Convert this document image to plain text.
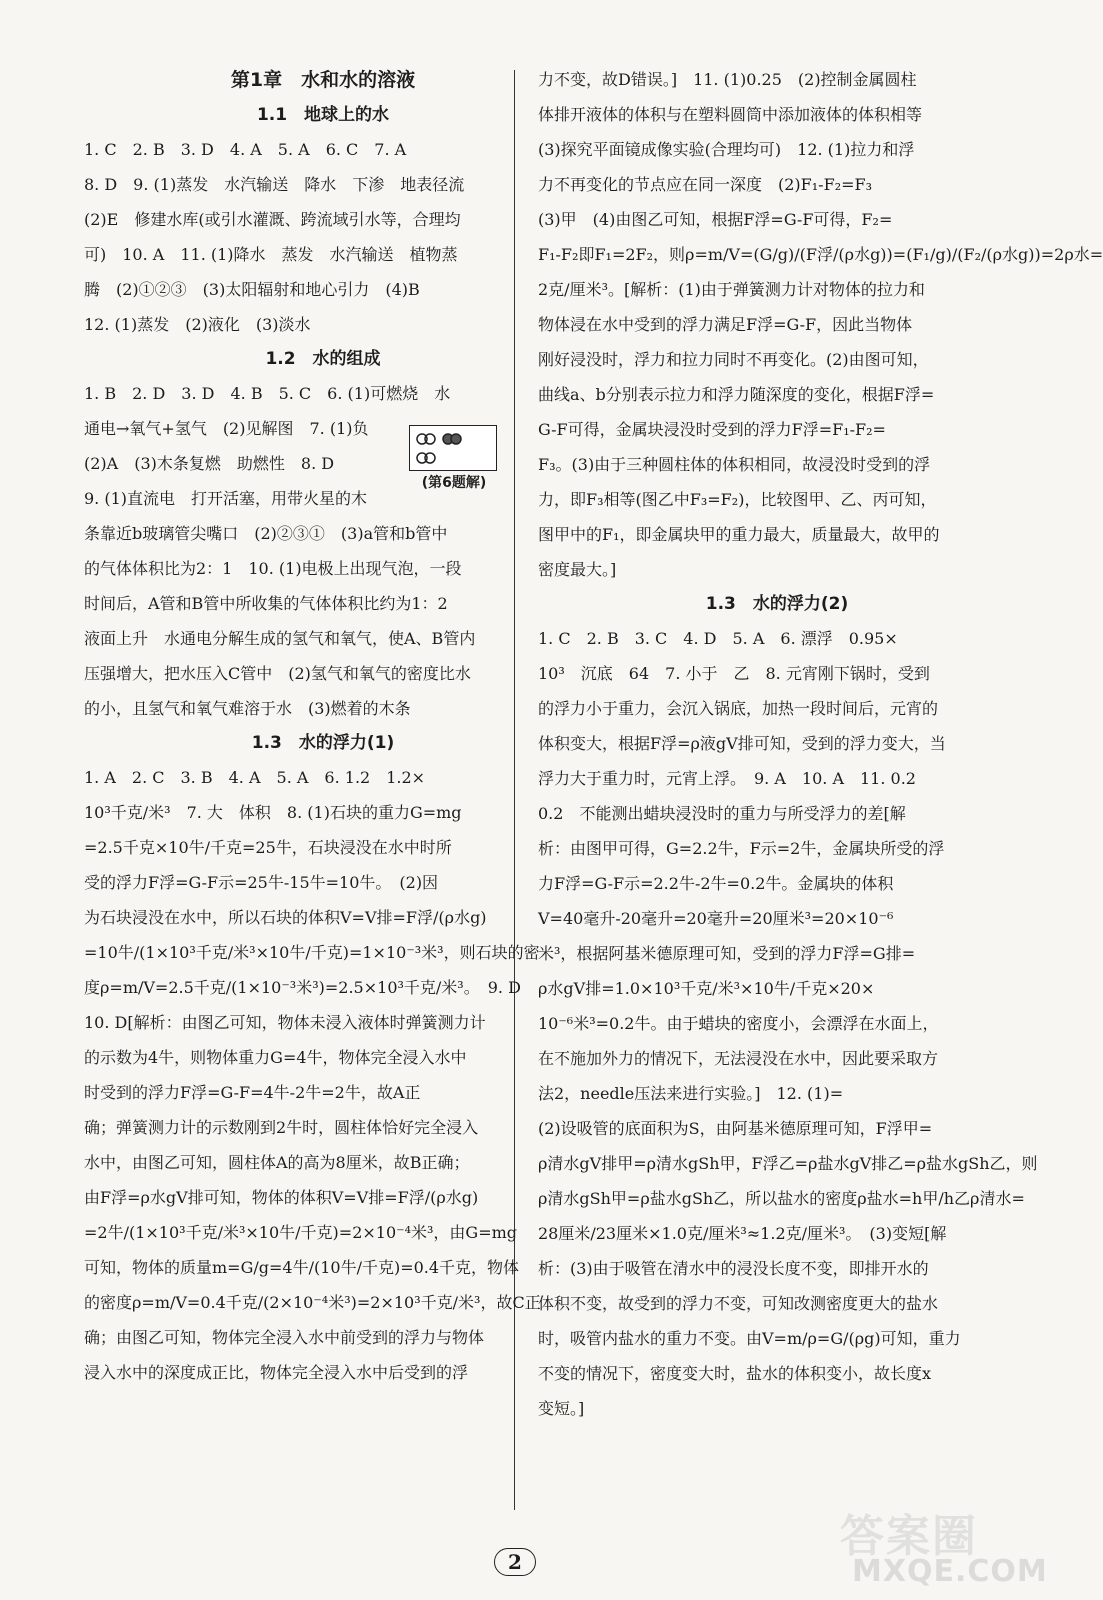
第1章　水和水的溶液
1.1　地球上的水
1. C　2. B　3. D　4. A　5. A　6. C　7. A
8. D　9. (1)蒸发　水汽输送　降水　下渗　地表径流
(2)E　修建水库(或引水灌溉、跨流域引水等，合理均
可)　10. A　11. (1)降水　蒸发　水汽输送　植物蒸
腾　(2)①②③　(3)太阳辐射和地心引力　(4)B
12. (1)蒸发　(2)液化　(3)淡水
1.2　水的组成
1. B　2. D　3. D　4. B　5. C　6. (1)可燃烧　水
通电→氧气+氢气　(2)见解图　7. (1)负
(2)A　(3)木条复燃　助燃性　8. D
9. (1)直流电　打开活塞，用带火星的木
条靠近b玻璃管尖嘴口　(2)②③①　(3)a管和b管中
的气体体积比为2：1　10. (1)电极上出现气泡，一段
时间后，A管和B管中所收集的气体体积比约为1：2
液面上升　水通电分解生成的氢气和氧气，使A、B管内
压强增大，把水压入C管中　(2)氢气和氧气的密度比水
的小，且氢气和氧气难溶于水　(3)燃着的木条
1.3　水的浮力(1)
1. A　2. C　3. B　4. A　5. A　6. 1.2　1.2×
10³千克/米³　7. 大　体积　8. (1)石块的重力G=mg
=2.5千克×10牛/千克=25牛，石块浸没在水中时所
受的浮力F浮=G-F示=25牛-15牛=10牛。　(2)因
为石块浸没在水中，所以石块的体积V=V排=F浮/(ρ水g)
=10牛/(1×10³千克/米³×10牛/千克)=1×10⁻³米³，则石块的密
度ρ=m/V=2.5千克/(1×10⁻³米³)=2.5×10³千克/米³。　9. D
10. D[解析：由图乙可知，物体未浸入液体时弹簧测力计
的示数为4牛，则物体重力G=4牛，物体完全浸入水中
时受到的浮力F浮=G-F=4牛-2牛=2牛，故A正
确；弹簧测力计的示数刚到2牛时，圆柱体恰好完全浸入
水中，由图乙可知，圆柱体A的高为8厘米，故B正确；
由F浮=ρ水gV排可知，物体的体积V=V排=F浮/(ρ水g)
=2牛/(1×10³千克/米³×10牛/千克)=2×10⁻⁴米³，由G=mg
可知，物体的质量m=G/g=4牛/(10牛/千克)=0.4千克，物体
的密度ρ=m/V=0.4千克/(2×10⁻⁴米³)=2×10³千克/米³，故C正
确；由图乙可知，物体完全浸入水中前受到的浮力与物体
浸入水中的深度成正比，物体完全浸入水中后受到的浮
(第6题解)
力不变，故D错误。]　11. (1)0.25　(2)控制金属圆柱
体排开液体的体积与在塑料圆筒中添加液体的体积相等
(3)探究平面镜成像实验(合理均可)　12. (1)拉力和浮
力不再变化的节点应在同一深度　(2)F₁-F₂=F₃
(3)甲　(4)由图乙可知，根据F浮=G-F可得，F₂=
F₁-F₂即F₁=2F₂，则ρ=m/V=(G/g)/(F浮/(ρ水g))=(F₁/g)/(F₂/(ρ水g))=2ρ水=
2克/厘米³。[解析：(1)由于弹簧测力计对物体的拉力和
物体浸在水中受到的浮力满足F浮=G-F，因此当物体
刚好浸没时，浮力和拉力同时不再变化。(2)由图可知，
曲线a、b分别表示拉力和浮力随深度的变化，根据F浮=
G-F可得，金属块浸没时受到的浮力F浮=F₁-F₂=
F₃。(3)由于三种圆柱体的体积相同，故浸没时受到的浮
力，即F₃相等(图乙中F₃=F₂)，比较图甲、乙、丙可知，
图甲中的F₁，即金属块甲的重力最大，质量最大，故甲的
密度最大。]
1.3　水的浮力(2)
1. C　2. B　3. C　4. D　5. A　6. 漂浮　0.95×
10³　沉底　64　7. 小于　乙　8. 元宵刚下锅时，受到
的浮力小于重力，会沉入锅底，加热一段时间后，元宵的
体积变大，根据F浮=ρ液gV排可知，受到的浮力变大，当
浮力大于重力时，元宵上浮。　9. A　10. A　11. 0.2
0.2　不能测出蜡块浸没时的重力与所受浮力的差[解
析：由图甲可得，G=2.2牛，F示=2牛，金属块所受的浮
力F浮=G-F示=2.2牛-2牛=0.2牛。金属块的体积
V=40毫升-20毫升=20毫升=20厘米³=20×10⁻⁶
米³，根据阿基米德原理可知，受到的浮力F浮=G排=
ρ水gV排=1.0×10³千克/米³×10牛/千克×20×
10⁻⁶米³=0.2牛。由于蜡块的密度小，会漂浮在水面上，
在不施加外力的情况下，无法浸没在水中，因此要采取方
法2，needle压法来进行实验。]　12. (1)=
(2)设吸管的底面积为S，由阿基米德原理可知，F浮甲=
ρ清水gV排甲=ρ清水gSh甲，F浮乙=ρ盐水gV排乙=ρ盐水gSh乙，则
ρ清水gSh甲=ρ盐水gSh乙，所以盐水的密度ρ盐水=h甲/h乙ρ清水=
28厘米/23厘米×1.0克/厘米³≈1.2克/厘米³。　(3)变短[解
析：(3)由于吸管在清水中的浸没长度不变，即排开水的
体积不变，故受到的浮力不变，可知改测密度更大的盐水
时，吸管内盐水的重力不变。由V=m/ρ=G/(ρg)可知，重力
不变的情况下，密度变大时，盐水的体积变小，故长度x
变短。]
2	答案圈
MXQE.COM
